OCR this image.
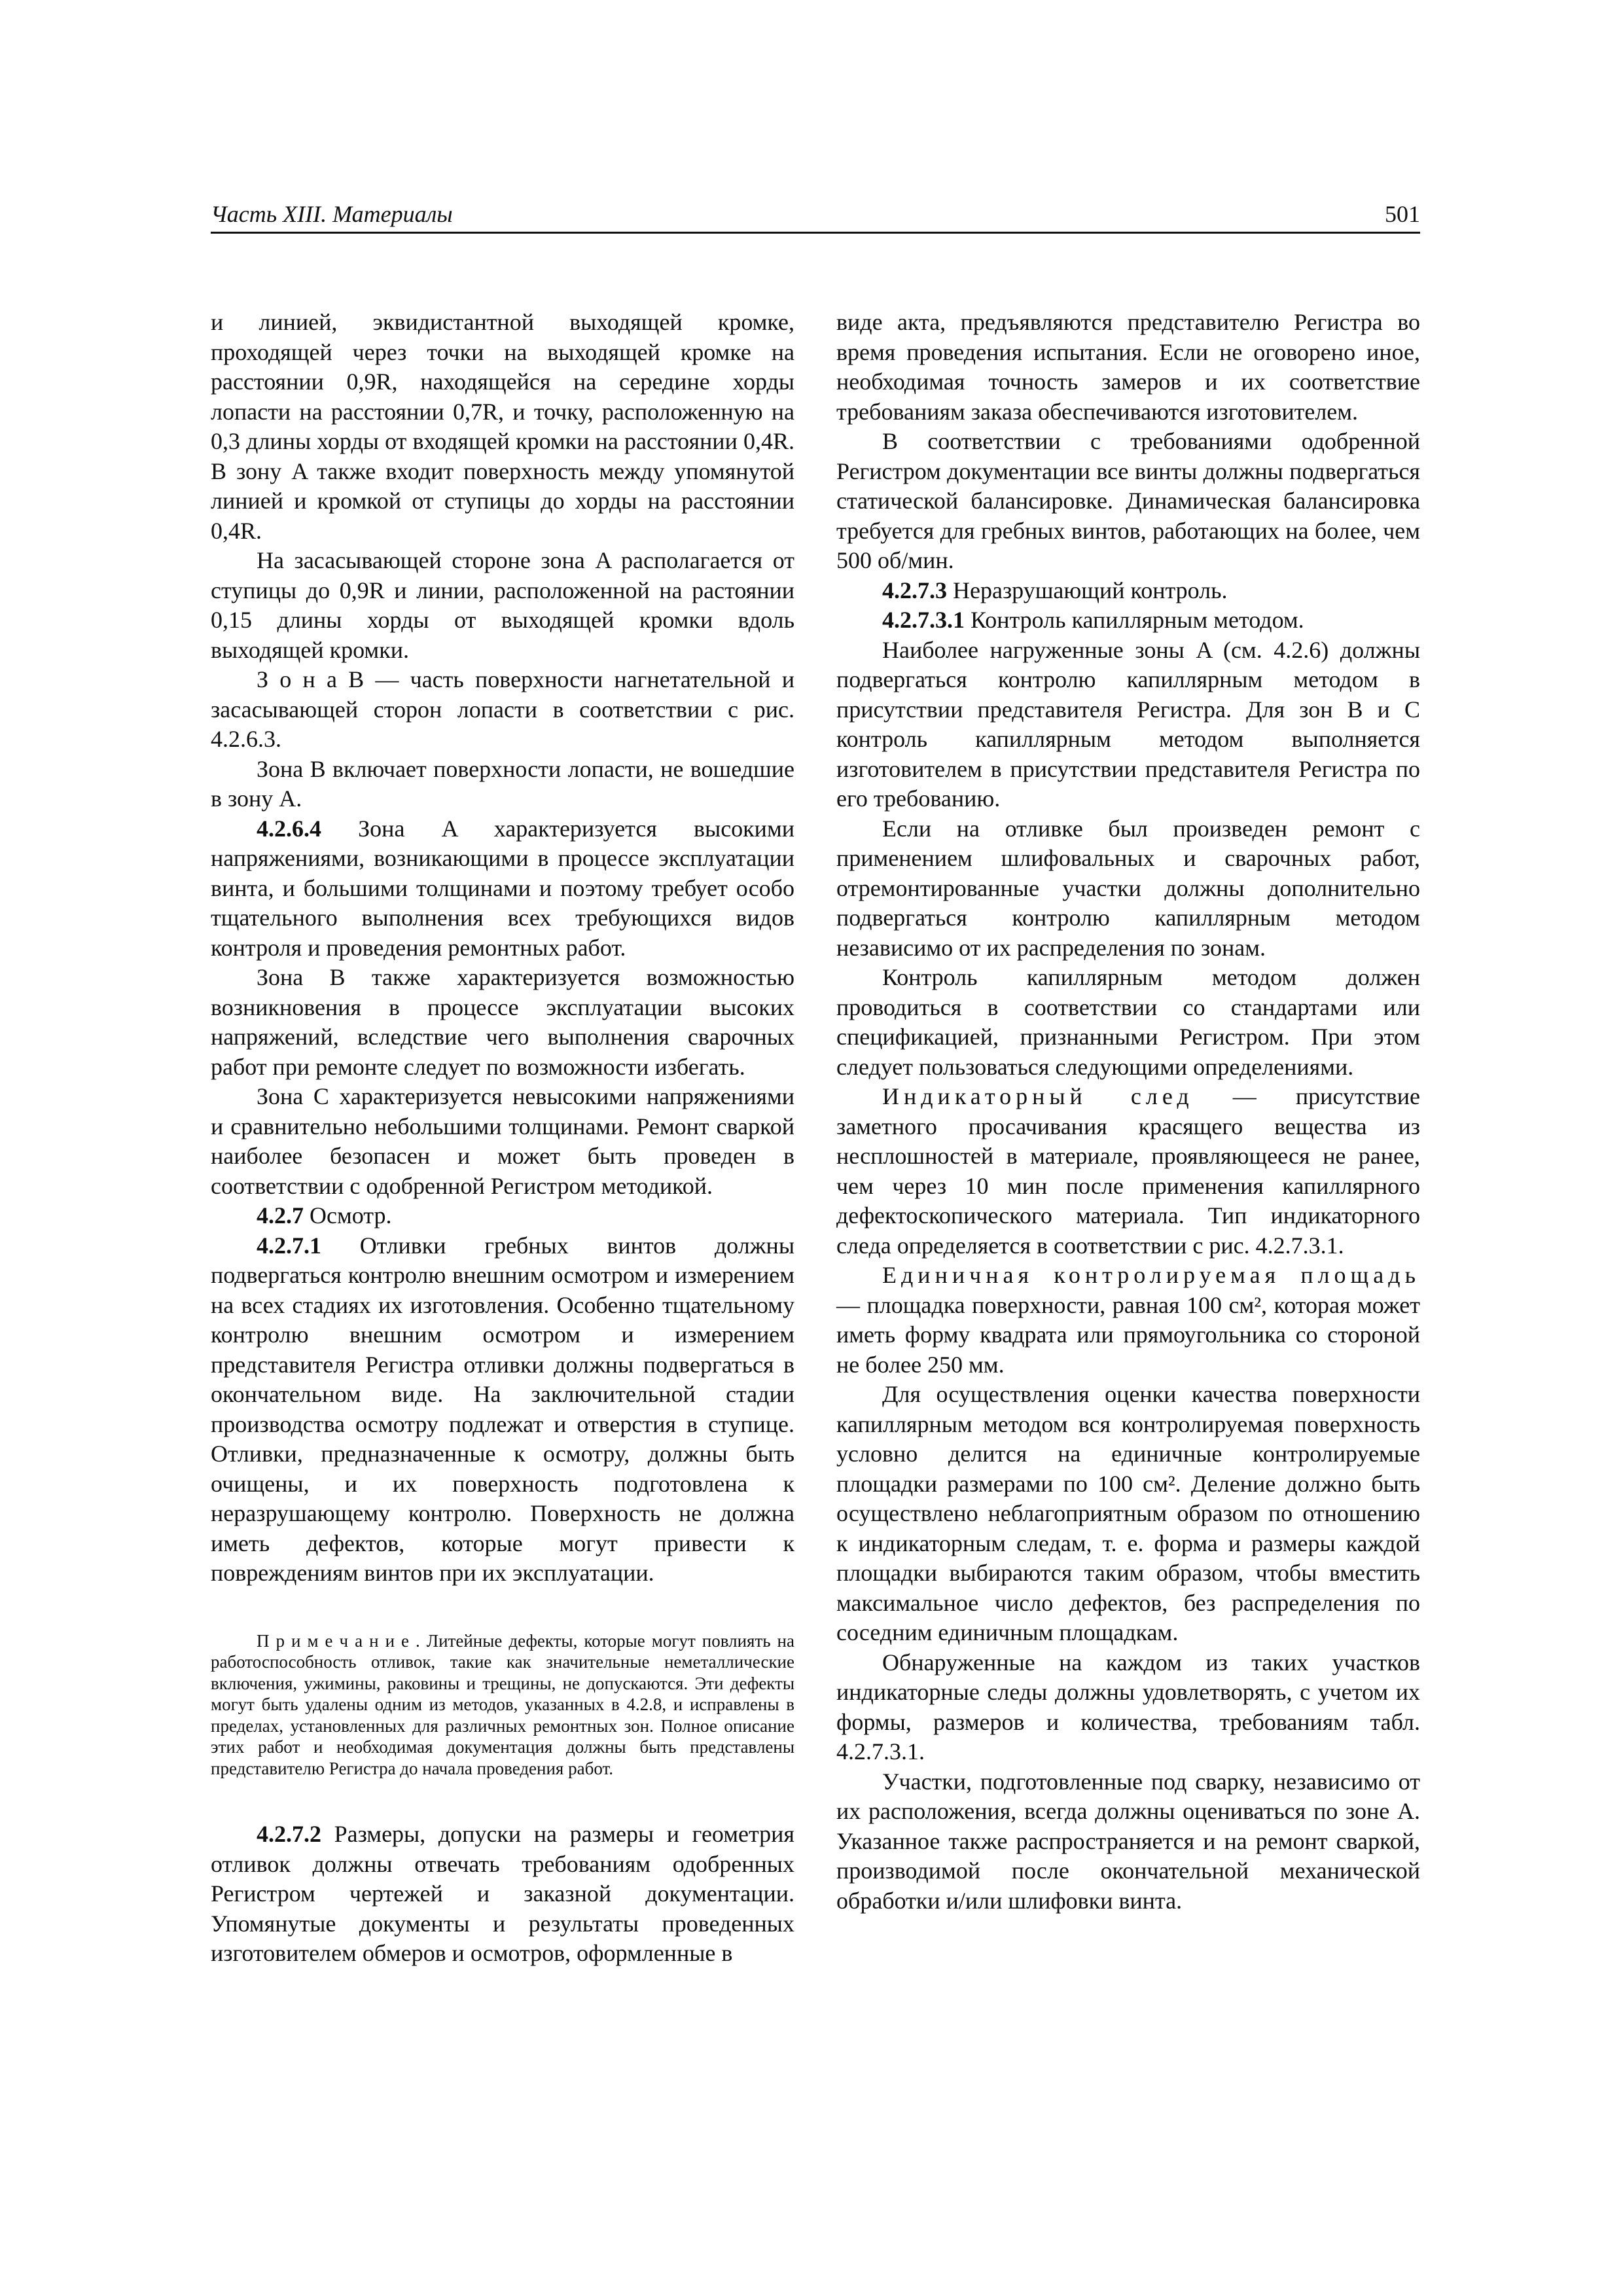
Часть XIII. Материалы	501

и линией, эквидистантной выходящей кромке, проходящей через точки на выходящей кромке на расстоянии 0,9R, находящейся на середине хорды лопасти на расстоянии 0,7R, и точку, расположенную на 0,3 длины хорды от входящей кромки на расстоянии 0,4R. В зону A также входит поверхность между упомянутой линией и кромкой от ступицы до хорды на расстоянии 0,4R.

На засасывающей стороне зона A располагается от ступицы до 0,9R и линии, расположенной на растоянии 0,15 длины хорды от выходящей кромки вдоль выходящей кромки.

З о н а B — часть поверхности нагнетательной и засасывающей сторон лопасти в соответствии с рис. 4.2.6.3.

Зона B включает поверхности лопасти, не вошедшие в зону A.

4.2.6.4 Зона A характеризуется высокими напряжениями, возникающими в процессе эксплуатации винта, и большими толщинами и поэтому требует особо тщательного выполнения всех требующихся видов контроля и проведения ремонтных работ.

Зона B также характеризуется возможностью возникновения в процессе эксплуатации высоких напряжений, вследствие чего выполнения сварочных работ при ремонте следует по возможности избегать.

Зона C характеризуется невысокими напряжениями и сравнительно небольшими толщинами. Ремонт сваркой наиболее безопасен и может быть проведен в соответствии с одобренной Регистром методикой.

4.2.7 Осмотр.

4.2.7.1 Отливки гребных винтов должны подвергаться контролю внешним осмотром и измерением на всех стадиях их изготовления. Особенно тщательному контролю внешним осмотром и измерением представителя Регистра отливки должны подвергаться в окончательном виде. На заключительной стадии производства осмотру подлежат и отверстия в ступице. Отливки, предназначенные к осмотру, должны быть очищены, и их поверхность подготовлена к неразрушающему контролю. Поверхность не должна иметь дефектов, которые могут привести к повреждениям винтов при их эксплуатации.

П р и м е ч а н и е . Литейные дефекты, которые могут повлиять на работоспособность отливок, такие как значительные неметаллические включения, ужимины, раковины и трещины, не допускаются. Эти дефекты могут быть удалены одним из методов, указанных в 4.2.8, и исправлены в пределах, установленных для различных ремонтных зон. Полное описание этих работ и необходимая документация должны быть представлены представителю Регистра до начала проведения работ.

4.2.7.2 Размеры, допуски на размеры и геометрия отливок должны отвечать требованиям одобренных Регистром чертежей и заказной документации. Упомянутые документы и результаты проведенных изготовителем обмеров и осмотров, оформленные в

виде акта, предъявляются представителю Регистра во время проведения испытания. Если не оговорено иное, необходимая точность замеров и их соответствие требованиям заказа обеспечиваются изготовителем.

В соответствии с требованиями одобренной Регистром документации все винты должны подвергаться статической балансировке. Динамическая балансировка требуется для гребных винтов, работающих на более, чем 500 об/мин.

4.2.7.3 Неразрушающий контроль.

4.2.7.3.1 Контроль капиллярным методом.

Наиболее нагруженные зоны A (см. 4.2.6) должны подвергаться контролю капиллярным методом в присутствии представителя Регистра. Для зон B и C контроль капиллярным методом выполняется изготовителем в присутствии представителя Регистра по его требованию.

Если на отливке был произведен ремонт с применением шлифовальных и сварочных работ, отремонтированные участки должны дополнительно подвергаться контролю капиллярным методом независимо от их распределения по зонам.

Контроль капиллярным методом должен проводиться в соответствии со стандартами или спецификацией, признанными Регистром. При этом следует пользоваться следующими определениями.

Индикаторный след — присутствие заметного просачивания красящего вещества из несплошностей в материале, проявляющееся не ранее, чем через 10 мин после применения капиллярного дефектоскопического материала. Тип индикаторного следа определяется в соответствии с рис. 4.2.7.3.1.

Единичная контролируемая площадь — площадка поверхности, равная 100 см², которая может иметь форму квадрата или прямоугольника со стороной не более 250 мм.

Для осуществления оценки качества поверхности капиллярным методом вся контролируемая поверхность условно делится на единичные контролируемые площадки размерами по 100 см². Деление должно быть осуществлено неблагоприятным образом по отношению к индикаторным следам, т. е. форма и размеры каждой площадки выбираются таким образом, чтобы вместить максимальное число дефектов, без распределения по соседним единичным площадкам.

Обнаруженные на каждом из таких участков индикаторные следы должны удовлетворять, с учетом их формы, размеров и количества, требованиям табл. 4.2.7.3.1.

Участки, подготовленные под сварку, независимо от их расположения, всегда должны оцениваться по зоне A. Указанное также распространяется и на ремонт сваркой, производимой после окончательной механической обработки и/или шлифовки винта.
